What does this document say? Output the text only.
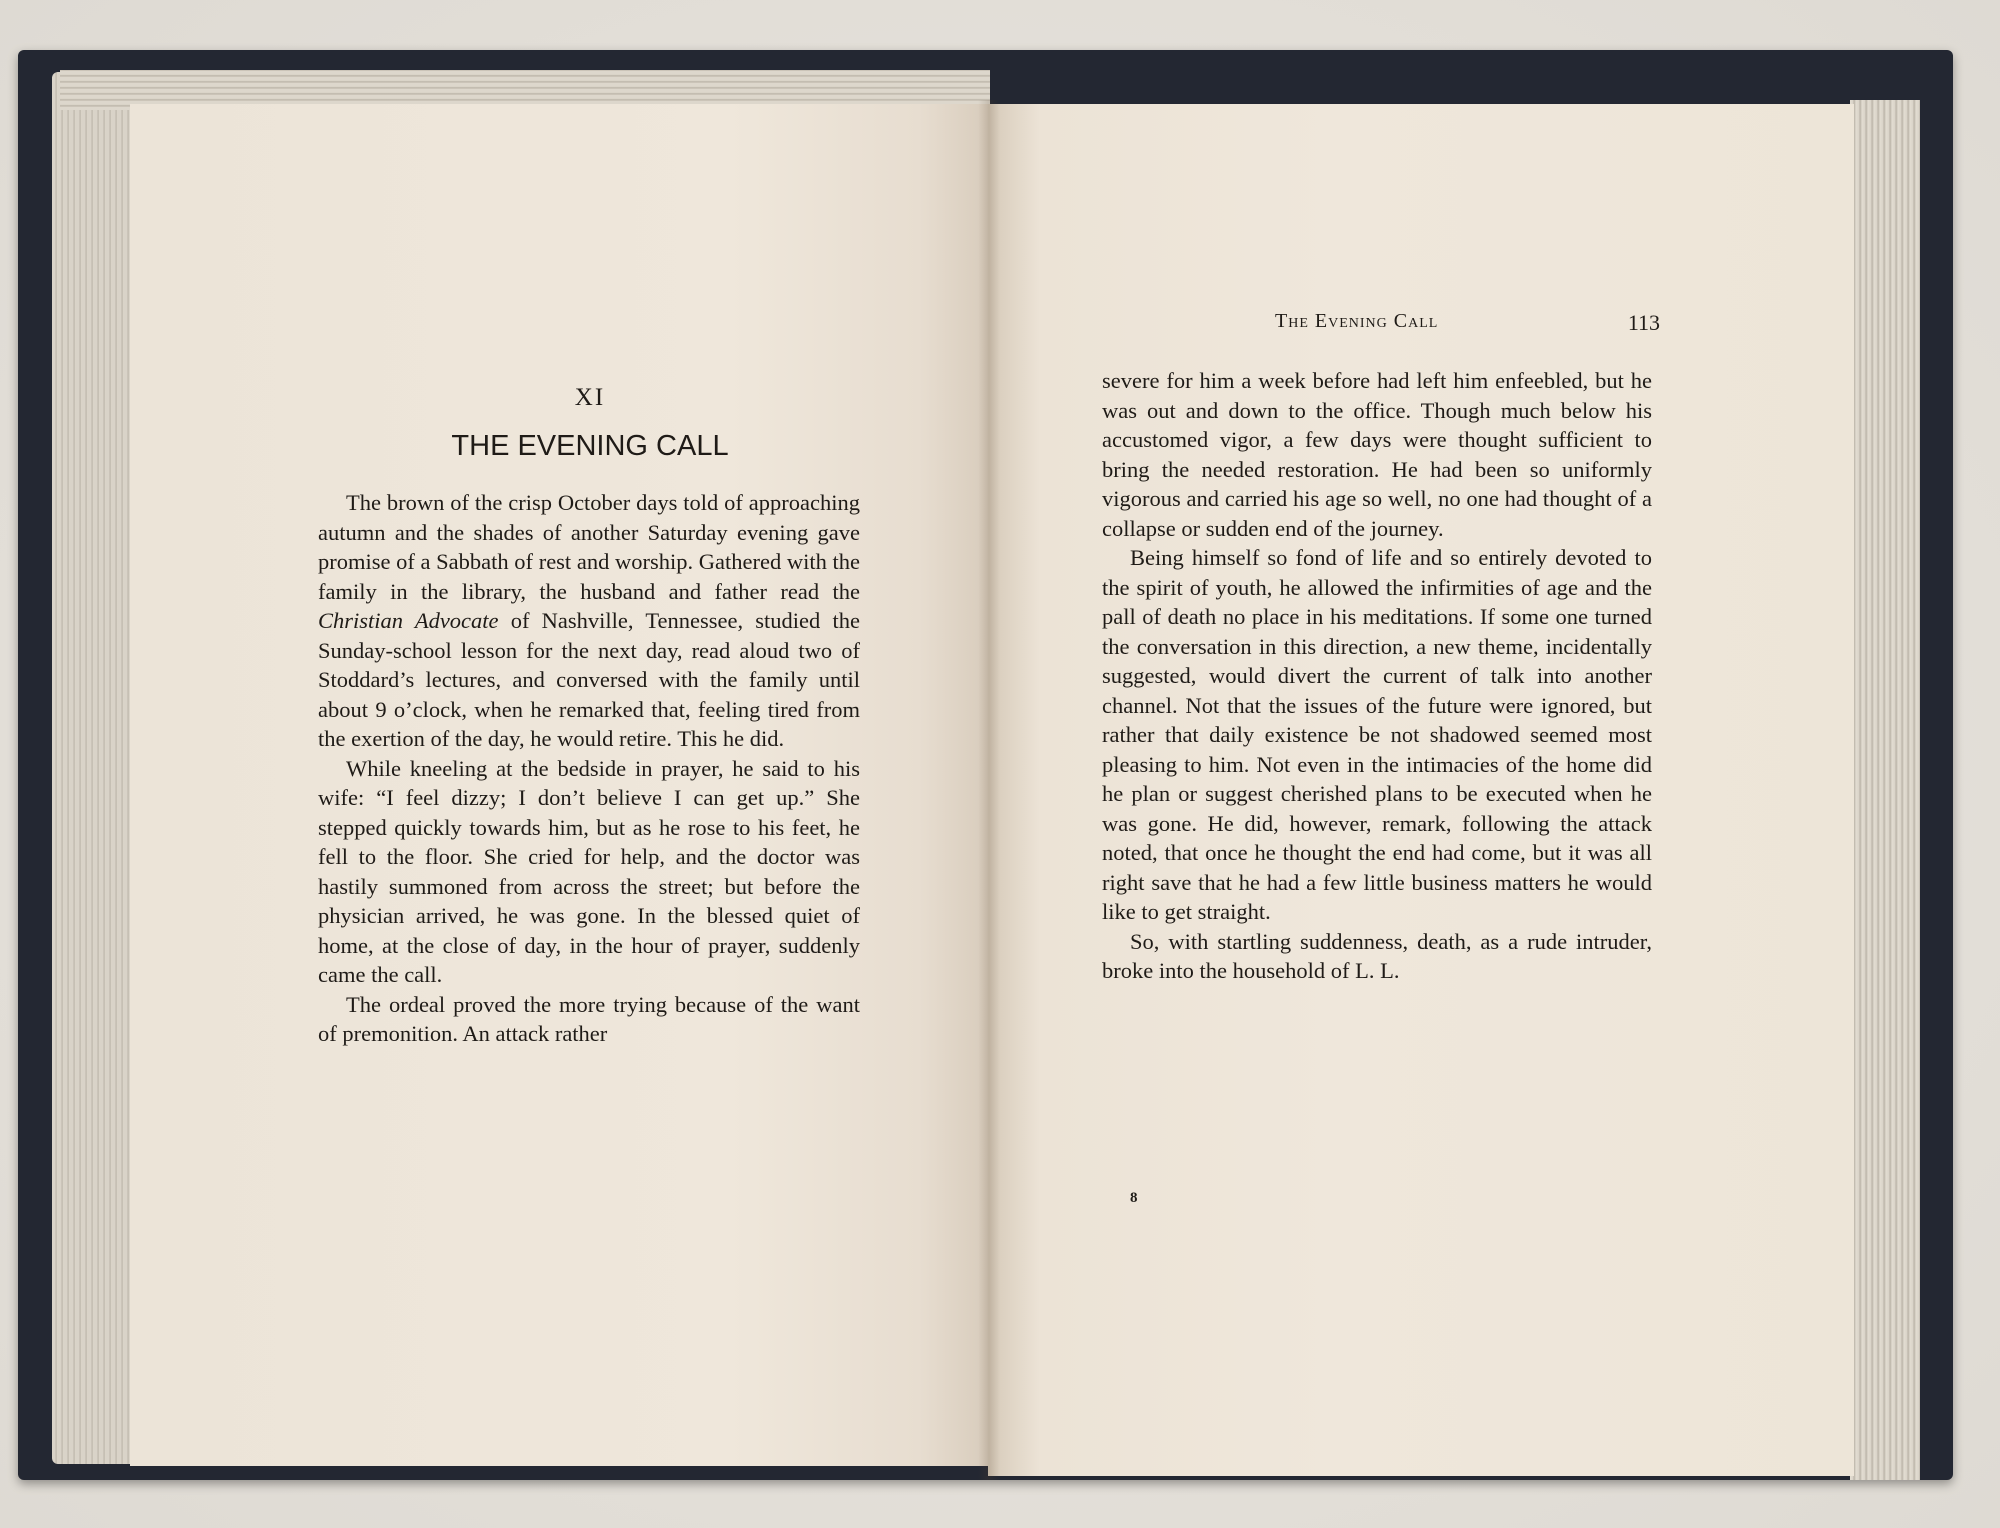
XI
THE EVENING CALL

The brown of the crisp October days told of approaching autumn and the shades of another Saturday evening gave promise of a Sabbath of rest and worship. Gathered with the family in the library, the husband and father read the Christian Advocate of Nashville, Tennessee, studied the Sunday-school lesson for the next day, read aloud two of Stoddard’s lectures, and conversed with the family until about 9 o’clock, when he remarked that, feeling tired from the exertion of the day, he would retire. This he did.

While kneeling at the bedside in prayer, he said to his wife: “I feel dizzy; I don’t believe I can get up.” She stepped quickly towards him, but as he rose to his feet, he fell to the floor. She cried for help, and the doctor was hastily summoned from across the street; but before the physician arrived, he was gone. In the blessed quiet of home, at the close of day, in the hour of prayer, suddenly came the call.

The ordeal proved the more trying because of the want of premonition. An attack rather

The Evening Call	113

severe for him a week before had left him enfeebled, but he was out and down to the office. Though much below his accustomed vigor, a few days were thought sufficient to bring the needed restoration. He had been so uniformly vigorous and carried his age so well, no one had thought of a collapse or sudden end of the journey.

Being himself so fond of life and so entirely devoted to the spirit of youth, he allowed the infirmities of age and the pall of death no place in his meditations. If some one turned the conversation in this direction, a new theme, incidentally suggested, would divert the current of talk into another channel. Not that the issues of the future were ignored, but rather that daily existence be not shadowed seemed most pleasing to him. Not even in the intimacies of the home did he plan or suggest cherished plans to be executed when he was gone. He did, however, remark, following the attack noted, that once he thought the end had come, but it was all right save that he had a few little business matters he would like to get straight.

So, with startling suddenness, death, as a rude intruder, broke into the household of L. L.

8
